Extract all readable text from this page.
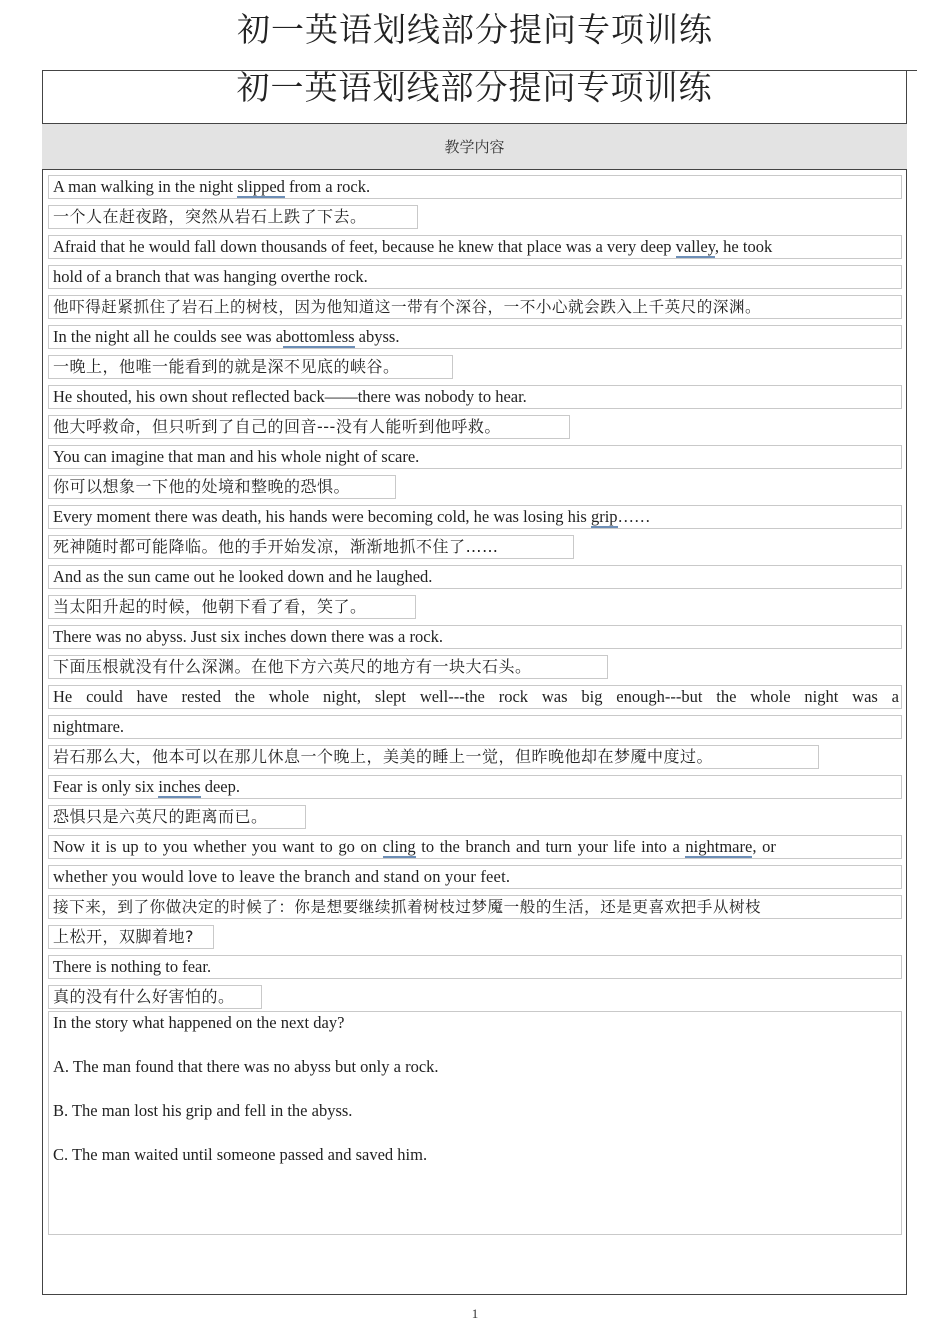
初一英语划线部分提问专项训练
初一英语划线部分提问专项训练
教学内容
A man walking in the night slipped from a rock.
一个人在赶夜路，突然从岩石上跌了下去。
Afraid that he would fall down thousands of feet, because he knew that place was a very deep valley, he took
hold of a branch that was hanging overthe rock.
他吓得赶紧抓住了岩石上的树枝，因为他知道这一带有个深谷，一不小心就会跌入上千英尺的深渊。
In the night all he coulds see was abottomless abyss.
一晚上，他唯一能看到的就是深不见底的峡谷。
He shouted, his own shout reflected back——there was nobody to hear.
他大呼救命，但只听到了自己的回音---没有人能听到他呼救。
You can imagine that man and his whole night of scare.
你可以想象一下他的处境和整晚的恐惧。
Every moment there was death, his hands were becoming cold, he was losing his grip……
死神随时都可能降临。他的手开始发凉，渐渐地抓不住了……
And as the sun came out he looked down and he laughed.
当太阳升起的时候，他朝下看了看，笑了。
There was no abyss. Just six inches down there was a rock.
下面压根就没有什么深渊。在他下方六英尺的地方有一块大石头。
He could have rested the whole night, slept well---the rock was big enough---but the whole night was a
nightmare.
岩石那么大，他本可以在那儿休息一个晚上，美美的睡上一觉，但昨晚他却在梦魇中度过。
Fear is only six inches deep.
恐惧只是六英尺的距离而已。
Now it is up to you whether you want to go on cling to the branch and turn your life into a nightmare, or
whether you would love to leave the branch and stand on your feet.
接下来，到了你做决定的时候了：你是想要继续抓着树枝过梦魇一般的生活，还是更喜欢把手从树枝
上松开，双脚着地?
There is nothing to fear.
真的没有什么好害怕的。
In the story what happened on the next day?
A. The man found that there was no abyss but only a rock.
B. The man lost his grip and fell in the abyss.
C. The man waited until someone passed and saved him.
1
